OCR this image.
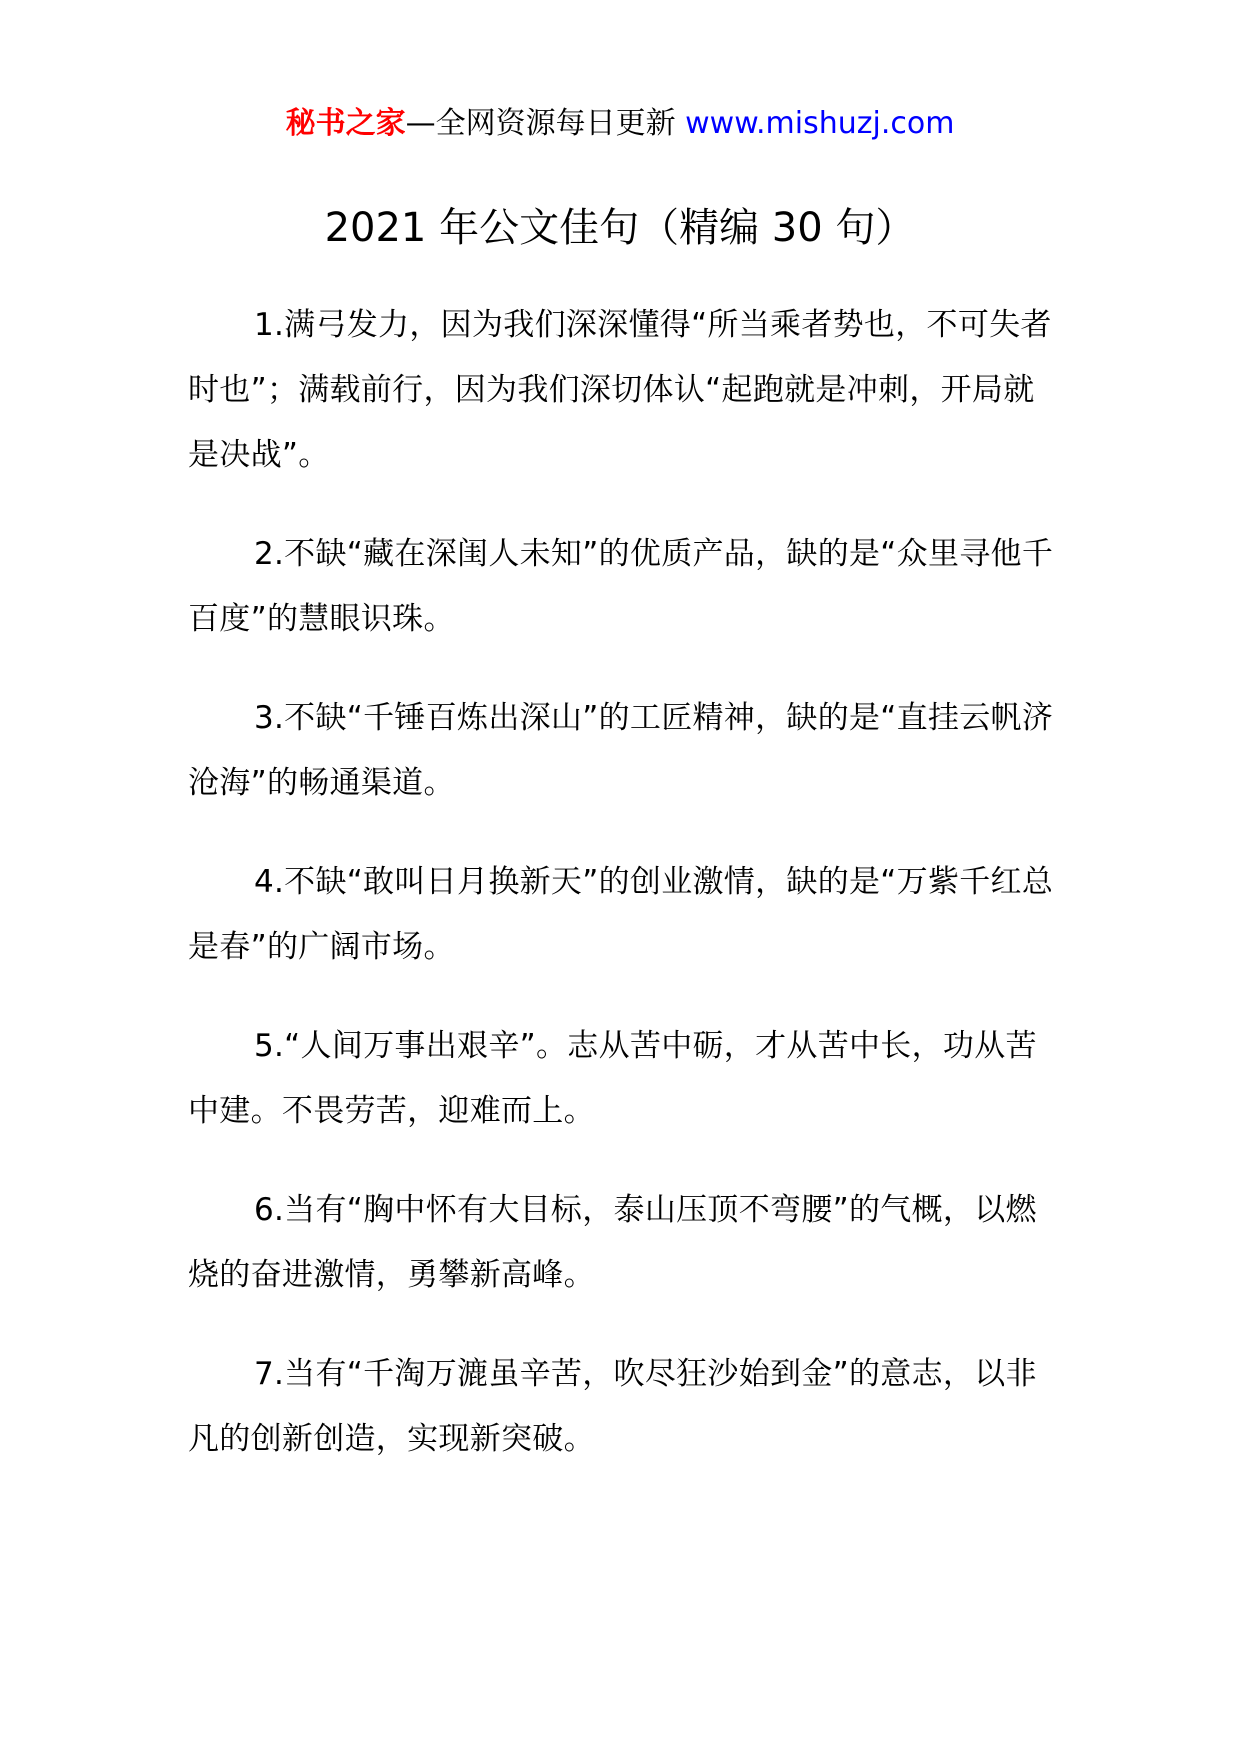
秘书之家—全网资源每日更新 www.mishuzj.com
2021 年公文佳句（精编 30 句）

1.满弓发力，因为我们深深懂得“所当乘者势也，不可失者时也”；满载前行，因为我们深切体认“起跑就是冲刺，开局就是决战”。

2.不缺“藏在深闺人未知”的优质产品，缺的是“众里寻他千百度”的慧眼识珠。

3.不缺“千锤百炼出深山”的工匠精神，缺的是“直挂云帆济沧海”的畅通渠道。

4.不缺“敢叫日月换新天”的创业激情，缺的是“万紫千红总是春”的广阔市场。

5.“人间万事出艰辛”。志从苦中砺，才从苦中长，功从苦中建。不畏劳苦，迎难而上。

6.当有“胸中怀有大目标，泰山压顶不弯腰”的气概，以燃烧的奋进激情，勇攀新高峰。

7.当有“千淘万漉虽辛苦，吹尽狂沙始到金”的意志，以非凡的创新创造，实现新突破。
